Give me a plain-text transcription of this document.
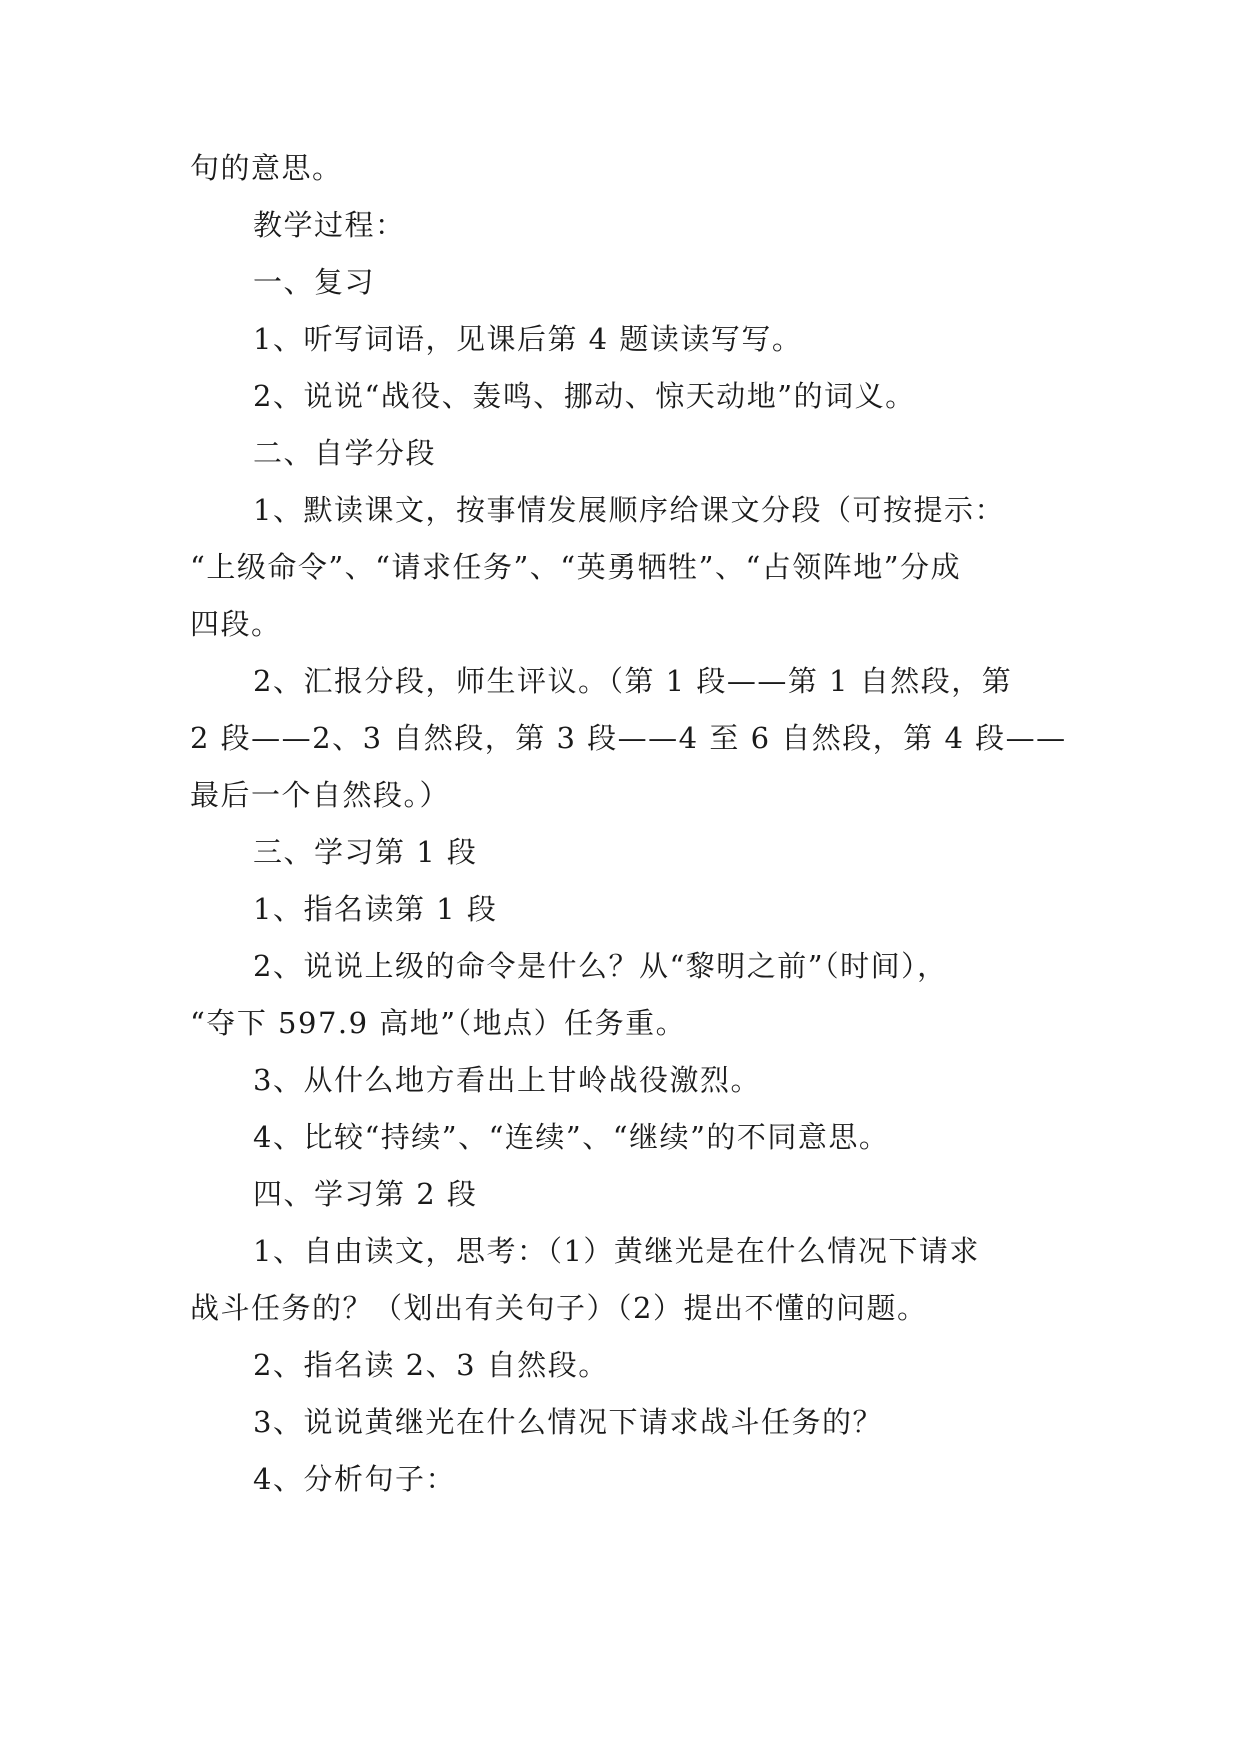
句的意思。
教学过程：
一、复习
1、听写词语，见课后第 4 题读读写写。
2、说说“战役、轰鸣、挪动、惊天动地”的词义。
二、自学分段
1、默读课文，按事情发展顺序给课文分段（可按提示：
“上级命令”、“请求任务”、“英勇牺牲”、“占领阵地”分成
四段。
2、汇报分段，师生评议。（第 1 段——第 1 自然段，第
2 段——2、3 自然段，第 3 段——4 至 6 自然段，第 4 段——
最后一个自然段。）
三、学习第 1 段
1、指名读第 1 段
2、说说上级的命令是什么？从“黎明之前”（时间），
“夺下 597.9 高地”（地点）任务重。
3、从什么地方看出上甘岭战役激烈。
4、比较“持续”、“连续”、“继续”的不同意思。
四、学习第 2 段
1、自由读文，思考：（1）黄继光是在什么情况下请求
战斗任务的？（划出有关句子）（2）提出不懂的问题。
2、指名读 2、3 自然段。
3、说说黄继光在什么情况下请求战斗任务的？
4、分析句子：
